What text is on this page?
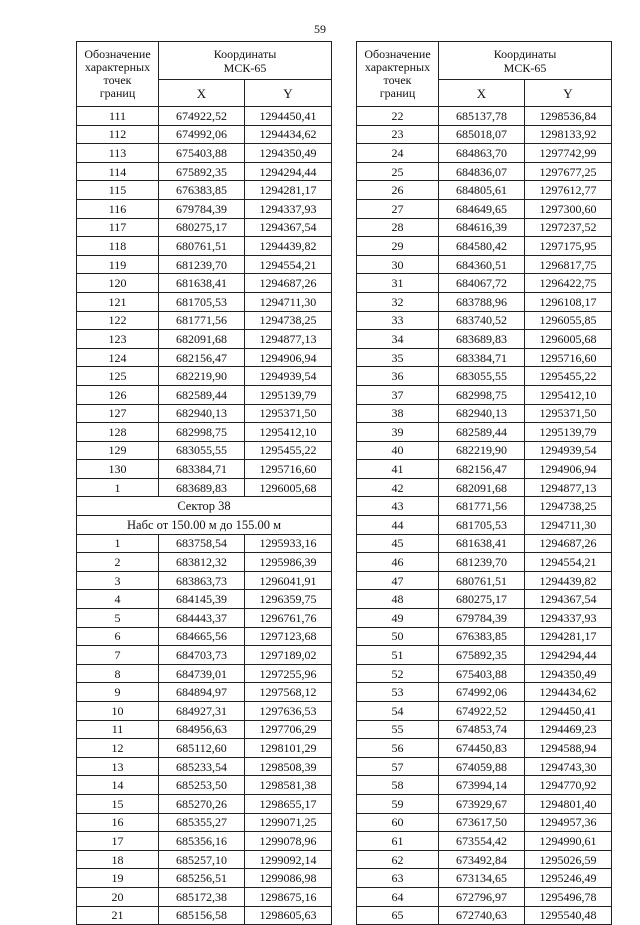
59
Обозначение
характерных
точек
границ	Координаты
МСК-65	
	X	Y
111	674922,52	1294450,41
112	674992,06	1294434,62
113	675403,88	1294350,49
114	675892,35	1294294,44
115	676383,85	1294281,17
116	679784,39	1294337,93
117	680275,17	1294367,54
118	680761,51	1294439,82
119	681239,70	1294554,21
120	681638,41	1294687,26
121	681705,53	1294711,30
122	681771,56	1294738,25
123	682091,68	1294877,13
124	682156,47	1294906,94
125	682219,90	1294939,54
126	682589,44	1295139,79
127	682940,13	1295371,50
128	682998,75	1295412,10
129	683055,55	1295455,22
130	683384,71	1295716,60
1	683689,83	1296005,68
Сектор 38		
Набс от 150.00 м до 155.00 м		
1	683758,54	1295933,16
2	683812,32	1295986,39
3	683863,73	1296041,91
4	684145,39	1296359,75
5	684443,37	1296761,76
6	684665,56	1297123,68
7	684703,73	1297189,02
8	684739,01	1297255,96
9	684894,97	1297568,12
10	684927,31	1297636,53
11	684956,63	1297706,29
12	685112,60	1298101,29
13	685233,54	1298508,39
14	685253,50	1298581,38
15	685270,26	1298655,17
16	685355,27	1299071,25
17	685356,16	1299078,96
18	685257,10	1299092,14
19	685256,51	1299086,98
20	685172,38	1298675,16
21	685156,58	1298605,63
Обозначение
характерных
точек
границ	Координаты
МСК-65	
	X	Y
22	685137,78	1298536,84
23	685018,07	1298133,92
24	684863,70	1297742,99
25	684836,07	1297677,25
26	684805,61	1297612,77
27	684649,65	1297300,60
28	684616,39	1297237,52
29	684580,42	1297175,95
30	684360,51	1296817,75
31	684067,72	1296422,75
32	683788,96	1296108,17
33	683740,52	1296055,85
34	683689,83	1296005,68
35	683384,71	1295716,60
36	683055,55	1295455,22
37	682998,75	1295412,10
38	682940,13	1295371,50
39	682589,44	1295139,79
40	682219,90	1294939,54
41	682156,47	1294906,94
42	682091,68	1294877,13
43	681771,56	1294738,25
44	681705,53	1294711,30
45	681638,41	1294687,26
46	681239,70	1294554,21
47	680761,51	1294439,82
48	680275,17	1294367,54
49	679784,39	1294337,93
50	676383,85	1294281,17
51	675892,35	1294294,44
52	675403,88	1294350,49
53	674992,06	1294434,62
54	674922,52	1294450,41
55	674853,74	1294469,23
56	674450,83	1294588,94
57	674059,88	1294743,30
58	673994,14	1294770,92
59	673929,67	1294801,40
60	673617,50	1294957,36
61	673554,42	1294990,61
62	673492,84	1295026,59
63	673134,65	1295246,49
64	672796,97	1295496,78
65	672740,63	1295540,48
